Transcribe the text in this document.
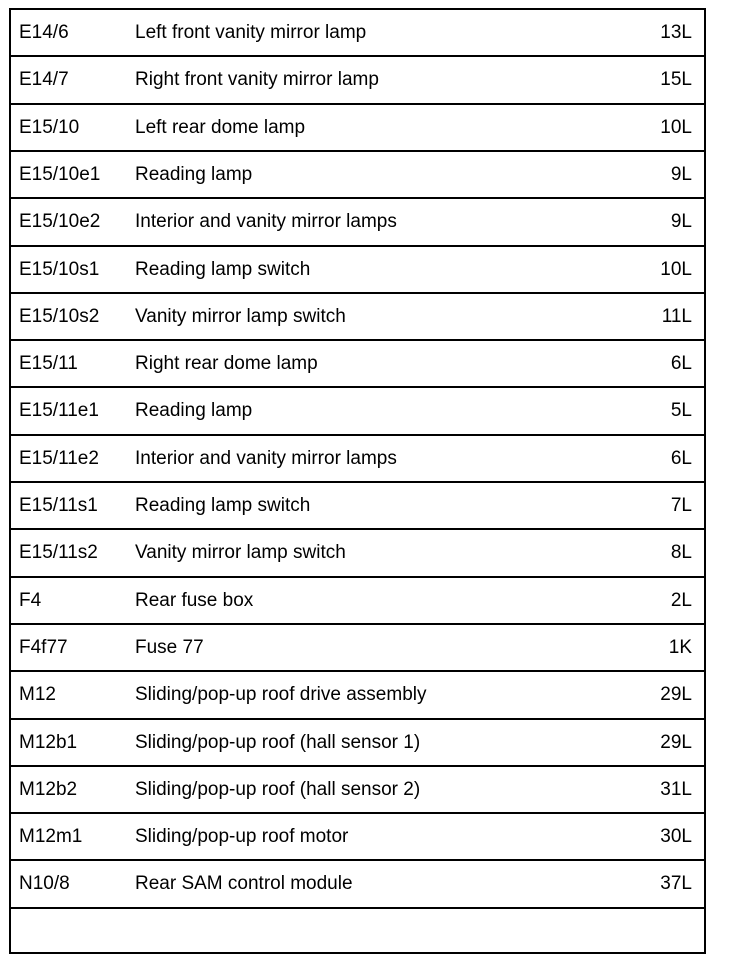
E14/6	Left front vanity mirror lamp	13L
E14/7	Right front vanity mirror lamp	15L
E15/10	Left rear dome lamp	10L
E15/10e1 Reading lamp	9L
E15/10e2 Interior and vanity mirror lamps	9L
E15/10s1 Reading lamp switch	10L
E15/10s2 Vanity mirror lamp switch	11L
E15/11	Right rear dome lamp	6L
E15/11e1 Reading lamp	5L
E15/11e2 Interior and vanity mirror lamps	6L
E15/11s1 Reading lamp switch	7L
E15/11s2 Vanity mirror lamp switch	8L
F4	Rear fuse box	2L
F4f77	Fuse 77	1K
M12	Sliding/pop-up roof drive assembly	29L
M12b1	Sliding/pop-up roof (hall sensor 1)	29L
M12b2	Sliding/pop-up roof (hall sensor 2)	31L
M12m1	Sliding/pop-up roof motor	30L
N10/8	Rear SAM control module	37L
